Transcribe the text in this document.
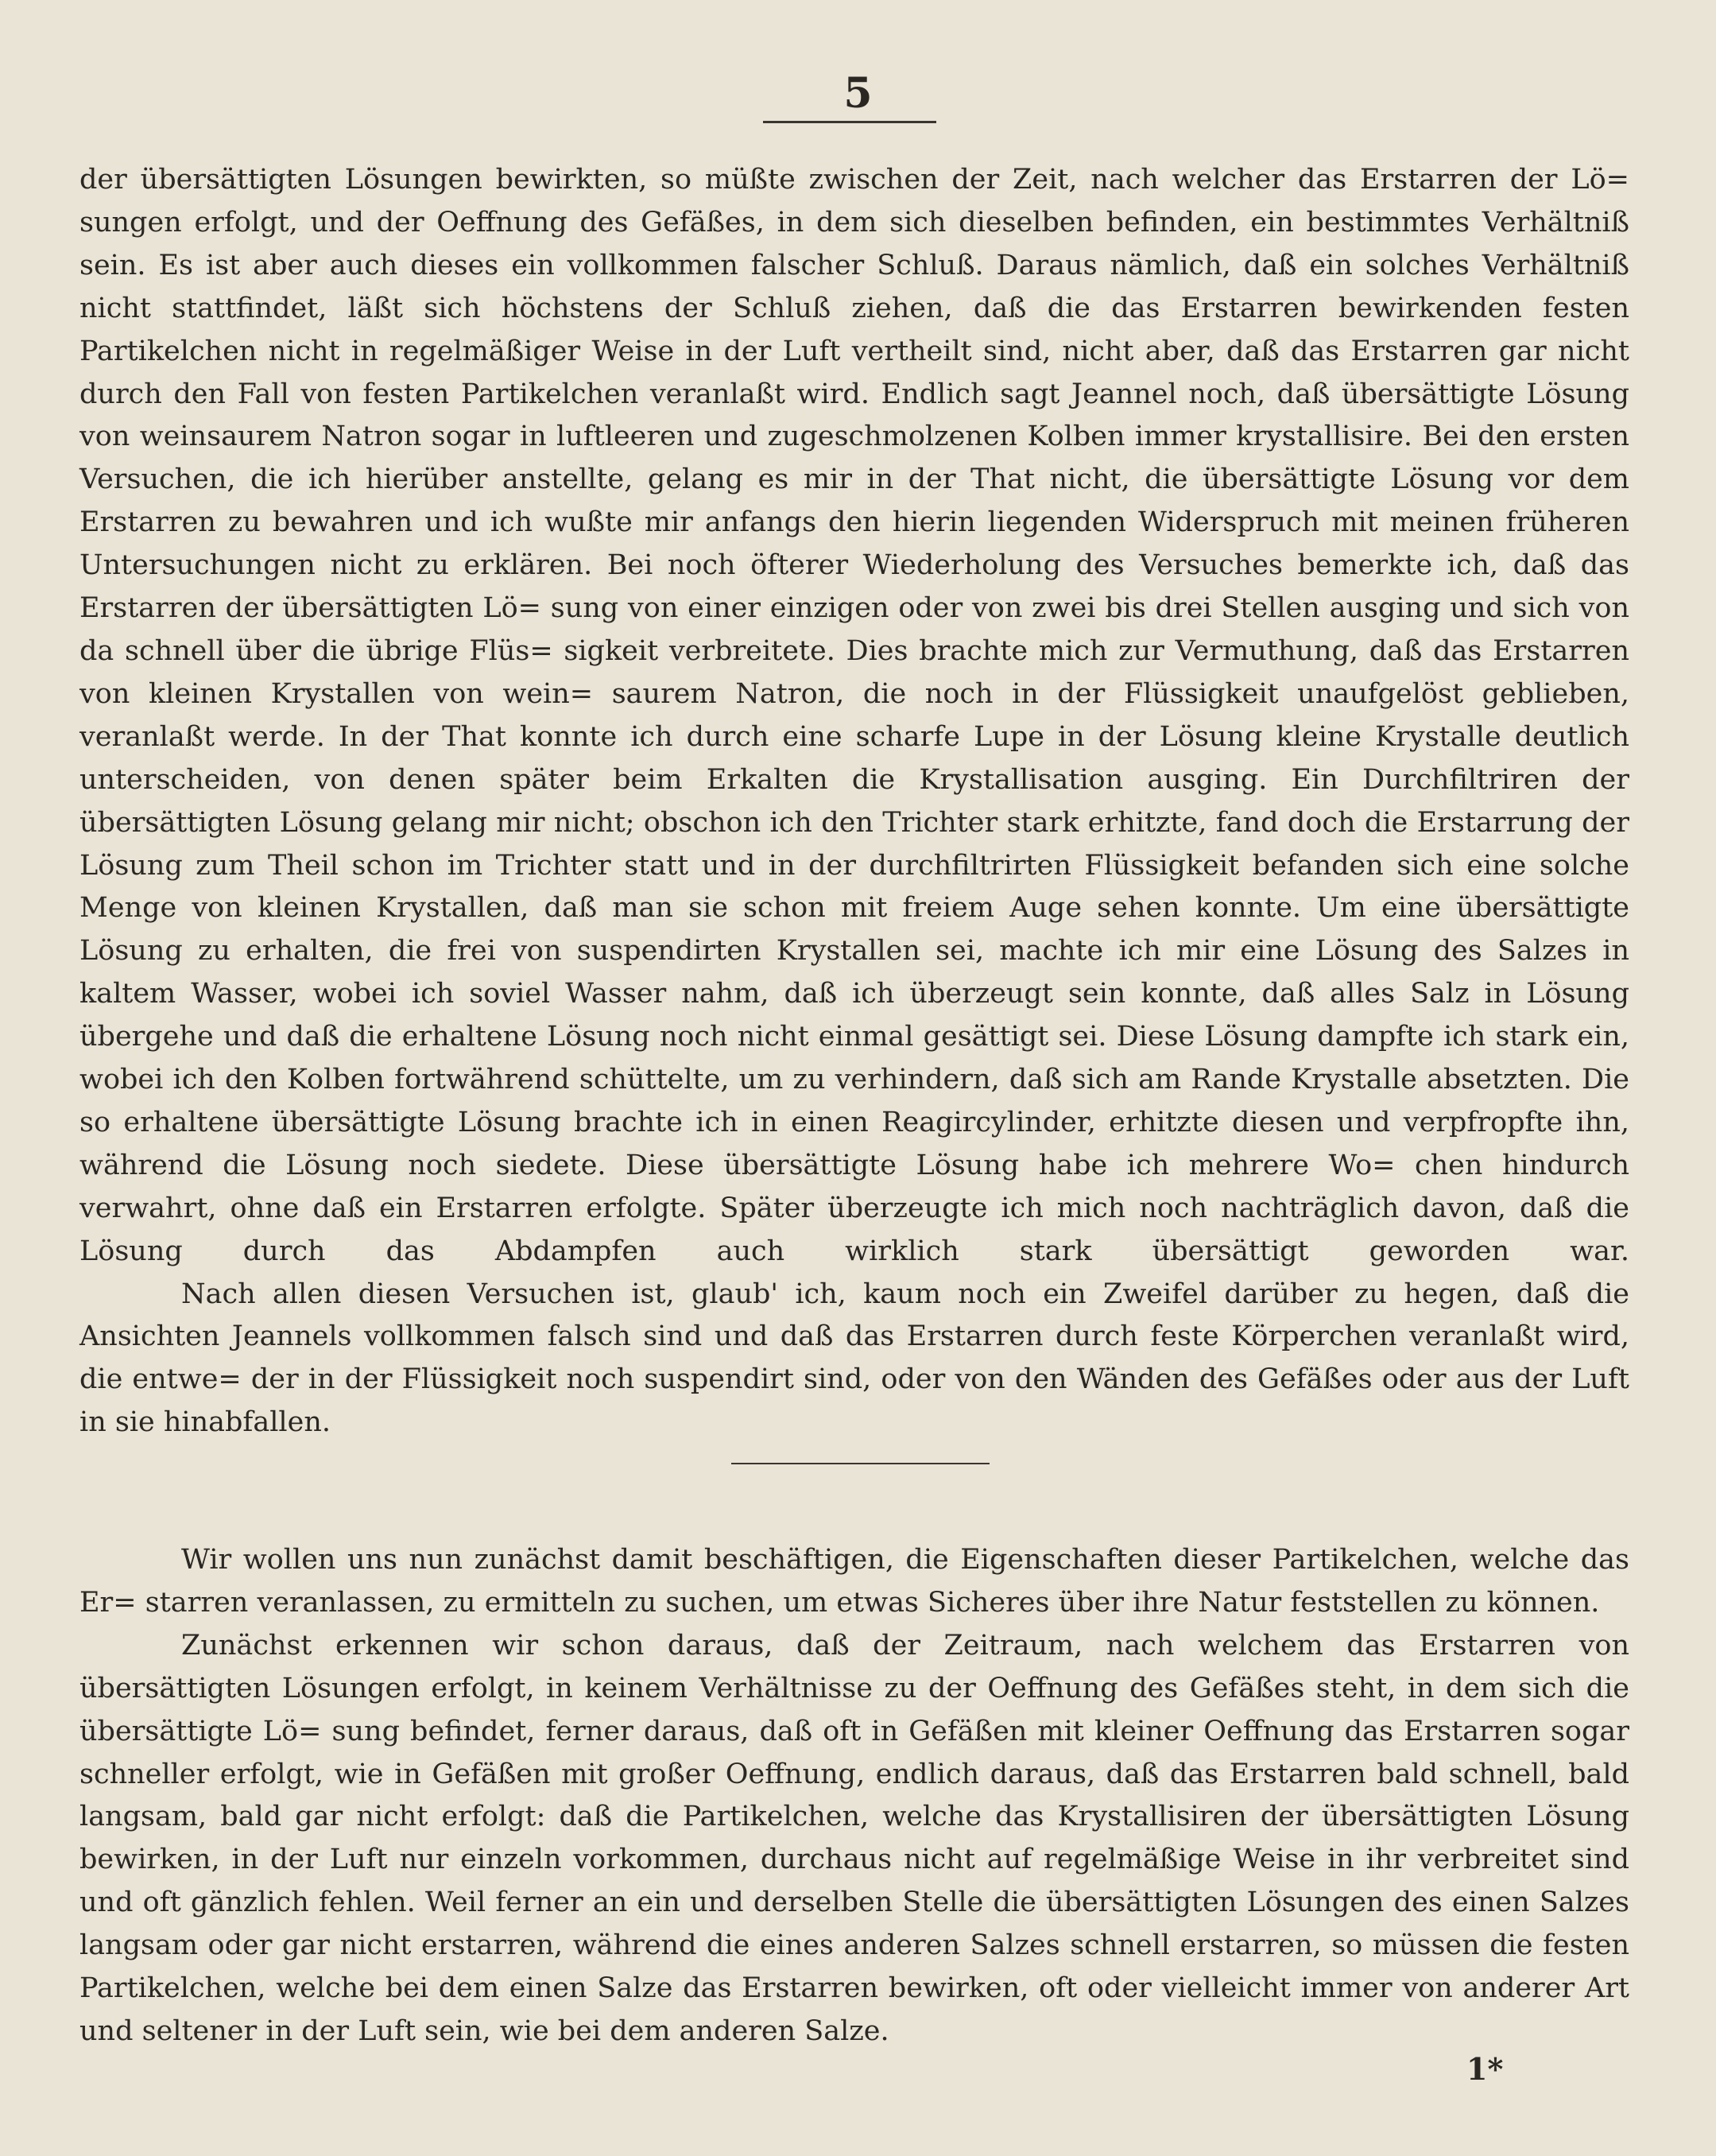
5

der übersättigten Lösungen bewirkten, so müßte zwischen der Zeit, nach welcher das Erstarren der Lö= sungen erfolgt, und der Oeffnung des Gefäßes, in dem sich dieselben befinden, ein bestimmtes Verhältniß sein. Es ist aber auch dieses ein vollkommen falscher Schluß. Daraus nämlich, daß ein solches Verhältniß nicht stattfindet, läßt sich höchstens der Schluß ziehen, daß die das Erstarren bewirkenden festen Partikelchen nicht in regelmäßiger Weise in der Luft vertheilt sind, nicht aber, daß das Erstarren gar nicht durch den Fall von festen Partikelchen veranlaßt wird. Endlich sagt Jeannel noch, daß übersättigte Lösung von weinsaurem Natron sogar in luftleeren und zugeschmolzenen Kolben immer krystallisire. Bei den ersten Versuchen, die ich hierüber anstellte, gelang es mir in der That nicht, die übersättigte Lösung vor dem Erstarren zu bewahren und ich wußte mir anfangs den hierin liegenden Widerspruch mit meinen früheren Untersuchungen nicht zu erklären. Bei noch öfterer Wiederholung des Versuches bemerkte ich, daß das Erstarren der übersättigten Lö= sung von einer einzigen oder von zwei bis drei Stellen ausging und sich von da schnell über die übrige Flüs= sigkeit verbreitete. Dies brachte mich zur Vermuthung, daß das Erstarren von kleinen Krystallen von wein= saurem Natron, die noch in der Flüssigkeit unaufgelöst geblieben, veranlaßt werde. In der That konnte ich durch eine scharfe Lupe in der Lösung kleine Krystalle deutlich unterscheiden, von denen später beim Erkalten die Krystallisation ausging. Ein Durchfiltriren der übersättigten Lösung gelang mir nicht; obschon ich den Trichter stark erhitzte, fand doch die Erstarrung der Lösung zum Theil schon im Trichter statt und in der durchfiltrirten Flüssigkeit befanden sich eine solche Menge von kleinen Krystallen, daß man sie schon mit freiem Auge sehen konnte. Um eine übersättigte Lösung zu erhalten, die frei von suspendirten Krystallen sei, machte ich mir eine Lösung des Salzes in kaltem Wasser, wobei ich soviel Wasser nahm, daß ich überzeugt sein konnte, daß alles Salz in Lösung übergehe und daß die erhaltene Lösung noch nicht einmal gesättigt sei. Diese Lösung dampfte ich stark ein, wobei ich den Kolben fortwährend schüttelte, um zu verhindern, daß sich am Rande Krystalle absetzten. Die so erhaltene übersättigte Lösung brachte ich in einen Reagircylinder, erhitzte diesen und verpfropfte ihn, während die Lösung noch siedete. Diese übersättigte Lösung habe ich mehrere Wo= chen hindurch verwahrt, ohne daß ein Erstarren erfolgte. Später überzeugte ich mich noch nachträglich davon, daß die Lösung durch das Abdampfen auch wirklich stark übersättigt geworden war.

Nach allen diesen Versuchen ist, glaub' ich, kaum noch ein Zweifel darüber zu hegen, daß die Ansichten Jeannels vollkommen falsch sind und daß das Erstarren durch feste Körperchen veranlaßt wird, die entwe= der in der Flüssigkeit noch suspendirt sind, oder von den Wänden des Gefäßes oder aus der Luft in sie hinabfallen.

Wir wollen uns nun zunächst damit beschäftigen, die Eigenschaften dieser Partikelchen, welche das Er= starren veranlassen, zu ermitteln zu suchen, um etwas Sicheres über ihre Natur feststellen zu können.

Zunächst erkennen wir schon daraus, daß der Zeitraum, nach welchem das Erstarren von übersättigten Lösungen erfolgt, in keinem Verhältnisse zu der Oeffnung des Gefäßes steht, in dem sich die übersättigte Lö= sung befindet, ferner daraus, daß oft in Gefäßen mit kleiner Oeffnung das Erstarren sogar schneller erfolgt, wie in Gefäßen mit großer Oeffnung, endlich daraus, daß das Erstarren bald schnell, bald langsam, bald gar nicht erfolgt: daß die Partikelchen, welche das Krystallisiren der übersättigten Lösung bewirken, in der Luft nur einzeln vorkommen, durchaus nicht auf regelmäßige Weise in ihr verbreitet sind und oft gänzlich fehlen. Weil ferner an ein und derselben Stelle die übersättigten Lösungen des einen Salzes langsam oder gar nicht erstarren, während die eines anderen Salzes schnell erstarren, so müssen die festen Partikelchen, welche bei dem einen Salze das Erstarren bewirken, oft oder vielleicht immer von anderer Art und seltener in der Luft sein, wie bei dem anderen Salze.

1*
